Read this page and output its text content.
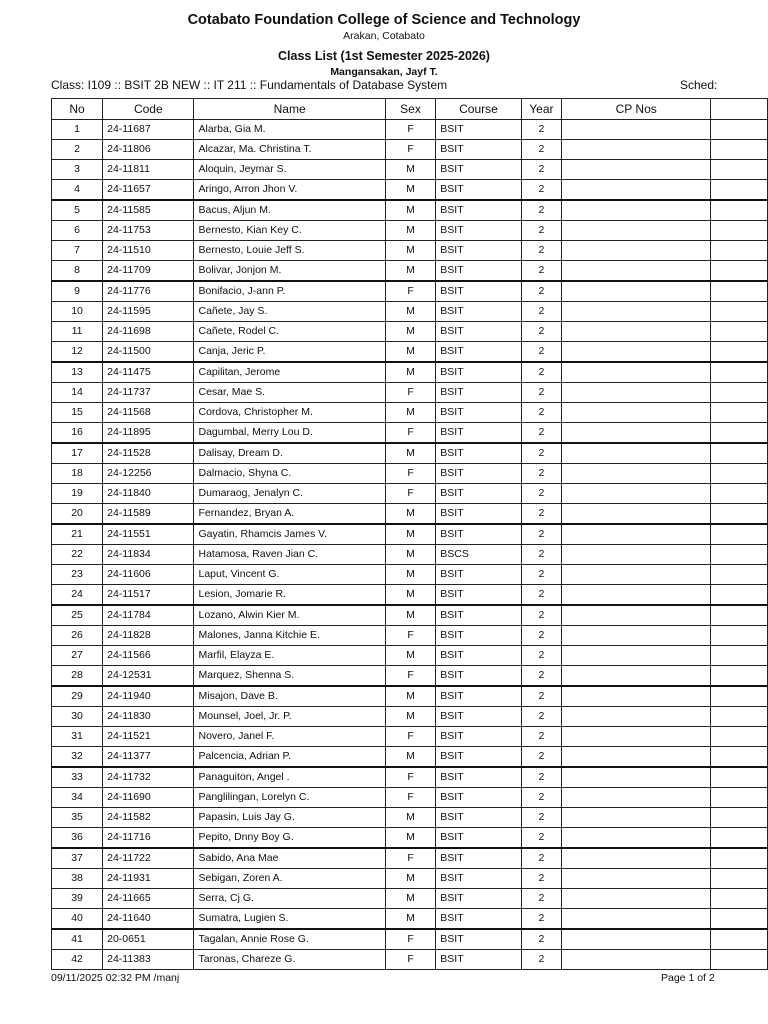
Cotabato Foundation College of Science and Technology
Arakan, Cotabato
Class List (1st Semester 2025-2026)
Mangansakan, Jayf T.
Class: I109 :: BSIT 2B NEW :: IT 211 :: Fundamentals of Database System	Sched:
No	Code	Name	Sex	Course	Year	CP Nos	
1	24-11687	Alarba, Gia M.	F	BSIT	2		
2	24-11806	Alcazar, Ma. Christina T.	F	BSIT	2		
3	24-11811	Aloquin, Jeymar S.	M	BSIT	2		
4	24-11657	Aringo, Arron Jhon V.	M	BSIT	2		
5	24-11585	Bacus, Aljun M.	M	BSIT	2		
6	24-11753	Bernesto, Kian Key C.	M	BSIT	2		
7	24-11510	Bernesto, Louie Jeff S.	M	BSIT	2		
8	24-11709	Bolivar, Jonjon M.	M	BSIT	2		
9	24-11776	Bonifacio, J-ann P.	F	BSIT	2		
10	24-11595	Cañete, Jay S.	M	BSIT	2		
11	24-11698	Cañete, Rodel C.	M	BSIT	2		
12	24-11500	Canja, Jeric P.	M	BSIT	2		
13	24-11475	Capilitan, Jerome	M	BSIT	2		
14	24-11737	Cesar, Mae S.	F	BSIT	2		
15	24-11568	Cordova, Christopher M.	M	BSIT	2		
16	24-11895	Dagumbal, Merry Lou D.	F	BSIT	2		
17	24-11528	Dalisay, Dream D.	M	BSIT	2		
18	24-12256	Dalmacio, Shyna C.	F	BSIT	2		
19	24-11840	Dumaraog, Jenalyn C.	F	BSIT	2		
20	24-11589	Fernandez, Bryan A.	M	BSIT	2		
21	24-11551	Gayatin, Rhamcis James V.	M	BSIT	2		
22	24-11834	Hatamosa, Raven Jian C.	M	BSCS	2		
23	24-11606	Laput, Vincent G.	M	BSIT	2		
24	24-11517	Lesion, Jomarie R.	M	BSIT	2		
25	24-11784	Lozano, Alwin Kier M.	M	BSIT	2		
26	24-11828	Malones, Janna Kitchie E.	F	BSIT	2		
27	24-11566	Marfil, Elayza E.	M	BSIT	2		
28	24-12531	Marquez, Shenna S.	F	BSIT	2		
29	24-11940	Misajon, Dave B.	M	BSIT	2		
30	24-11830	Mounsel, Joel, Jr. P.	M	BSIT	2		
31	24-11521	Novero, Janel F.	F	BSIT	2		
32	24-11377	Palcencia, Adrian P.	M	BSIT	2		
33	24-11732	Panaguiton, Angel .	F	BSIT	2		
34	24-11690	Panglilingan, Lorelyn C.	F	BSIT	2		
35	24-11582	Papasin, Luis Jay G.	M	BSIT	2		
36	24-11716	Pepito, Dnny Boy G.	M	BSIT	2		
37	24-11722	Sabido, Ana Mae	F	BSIT	2		
38	24-11931	Sebigan, Zoren A.	M	BSIT	2		
39	24-11665	Serra, Cj G.	M	BSIT	2		
40	24-11640	Sumatra, Lugien S.	M	BSIT	2		
41	20-0651	Tagalan, Annie Rose G.	F	BSIT	2		
42	24-11383	Taronas, Chareze G.	F	BSIT	2		
09/11/2025 02:32 PM /manj	Page 1 of 2
